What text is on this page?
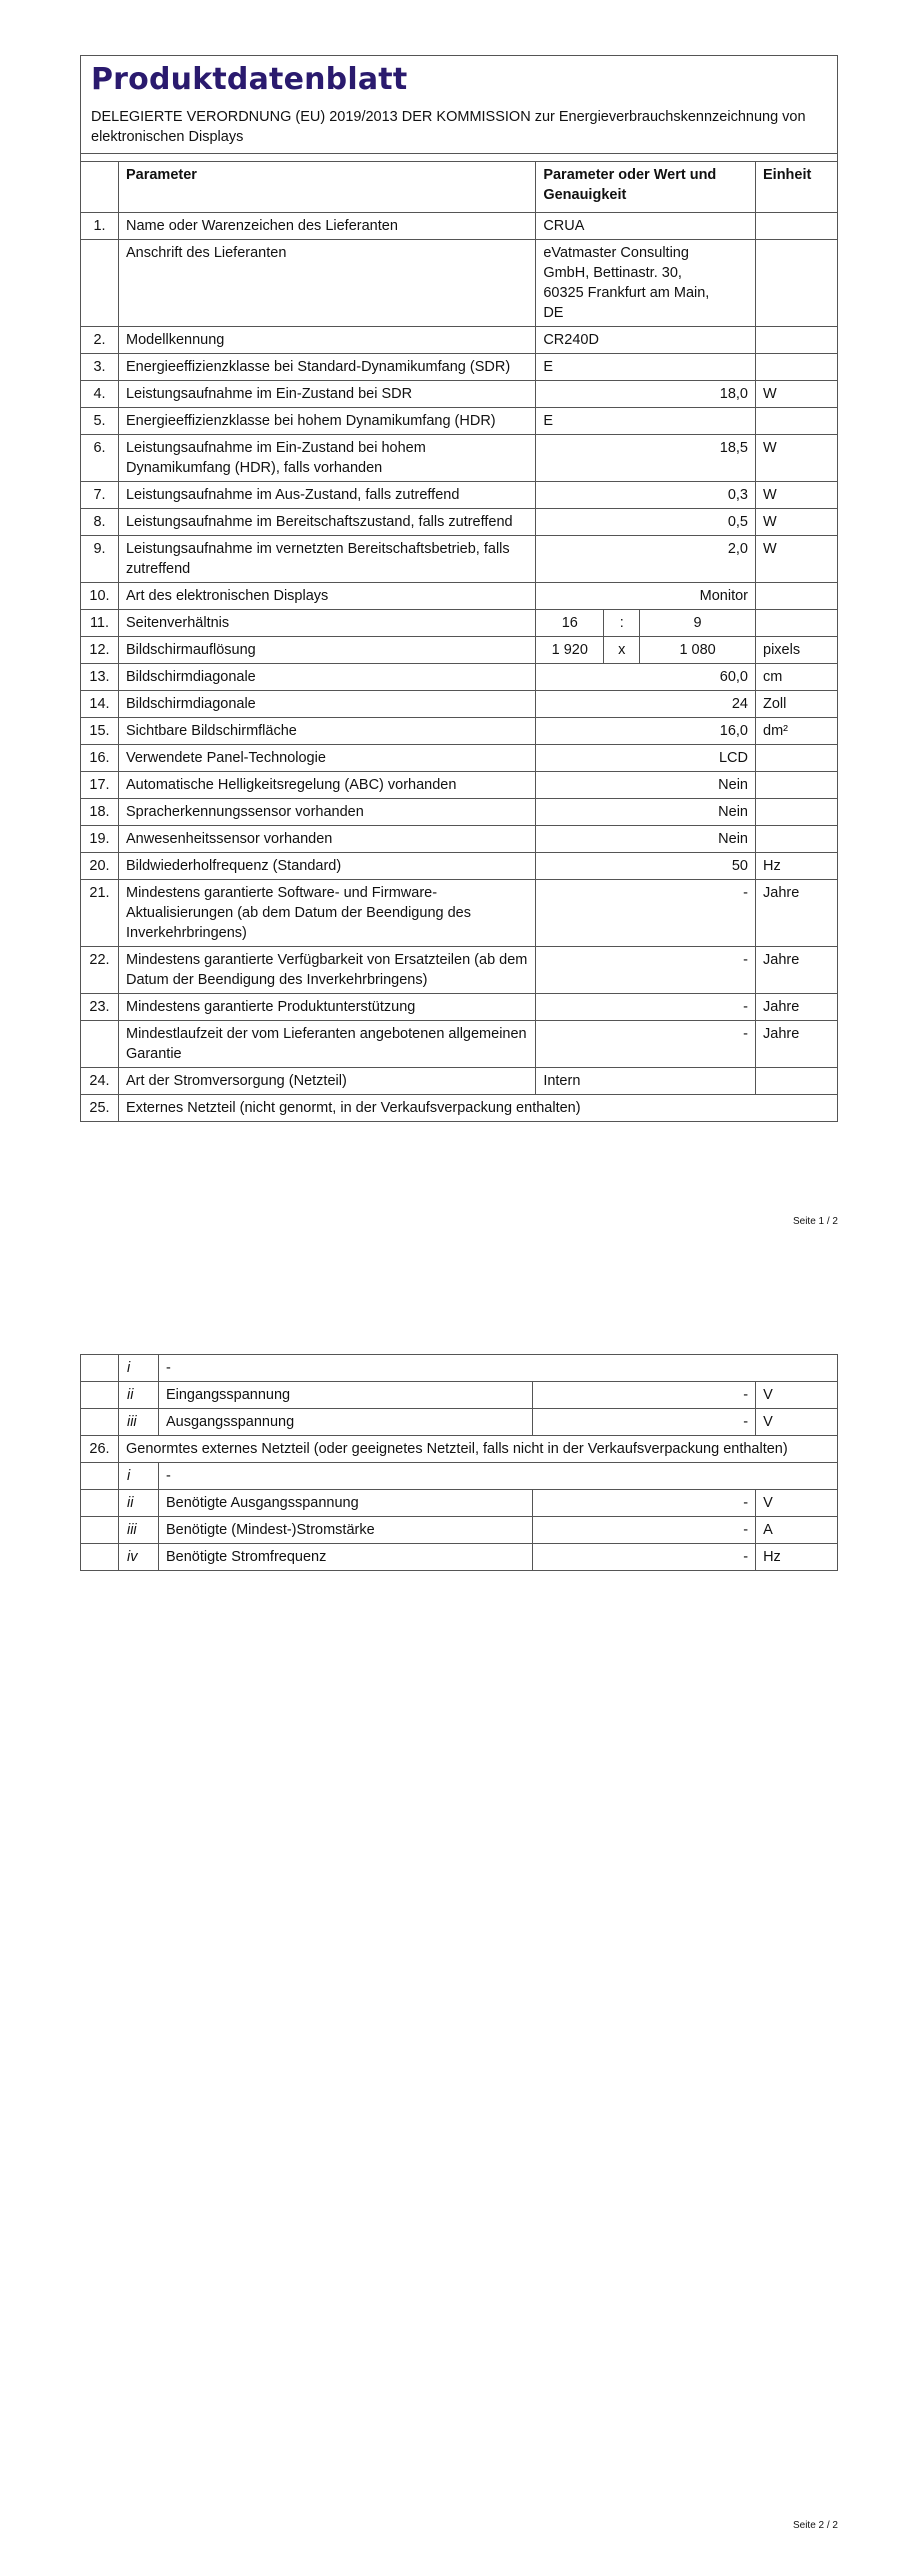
Produktdatenblatt
DELEGIERTE VERORDNUNG (EU) 2019/2013 DER KOMMISSION zur Energieverbrauchskennzeichnung von elektronischen Displays
	Parameter	Parameter oder Wert und Genauigkeit			Einheit
1.	Name oder Warenzeichen des Lieferanten	CRUA			
	Anschrift des Lieferanten	eVatmaster Consulting GmbH, Bettinastr. 30, 60325 Frankfurt am Main, DE			
2.	Modellkennung	CR240D			
3.	Energieeffizienzklasse bei Standard-Dynamikumfang (SDR)	E			
4.	Leistungsaufnahme im Ein-Zustand bei SDR	18,0			W
5.	Energieeffizienzklasse bei hohem Dynamikumfang (HDR)	E			
6.	Leistungsaufnahme im Ein-Zustand bei hohem Dynamikumfang (HDR), falls vorhanden	18,5			W
7.	Leistungsaufnahme im Aus-Zustand, falls zutreffend	0,3			W
8.	Leistungsaufnahme im Bereitschaftszustand, falls zutreffend	0,5			W
9.	Leistungsaufnahme im vernetzten Bereitschaftsbetrieb, falls zutreffend	2,0			W
10.	Art des elektronischen Displays	Monitor			
11.	Seitenverhältnis	16	:	9	
12.	Bildschirmauflösung	1 920	x	1 080	pixels
13.	Bildschirmdiagonale	60,0			cm
14.	Bildschirmdiagonale	24			Zoll
15.	Sichtbare Bildschirmfläche	16,0			dm²
16.	Verwendete Panel-Technologie	LCD			
17.	Automatische Helligkeitsregelung (ABC) vorhanden	Nein			
18.	Spracherkennungssensor vorhanden	Nein			
19.	Anwesenheitssensor vorhanden	Nein			
20.	Bildwiederholfrequenz (Standard)	50			Hz
21.	Mindestens garantierte Software- und Firmware-Aktualisierungen (ab dem Datum der Beendigung des Inverkehrbringens)	-			Jahre
22.	Mindestens garantierte Verfügbarkeit von Ersatzteilen (ab dem Datum der Beendigung des Inverkehrbringens)	-			Jahre
23.	Mindestens garantierte Produktunterstützung	-			Jahre
	Mindestlaufzeit der vom Lieferanten angebotenen allgemeinen Garantie	-			Jahre
24.	Art der Stromversorgung (Netzteil)	Intern			
25.	Externes Netzteil (nicht genormt, in der Verkaufsverpackung enthalten)				
Seite 1 / 2
	i	-		
	ii	Eingangsspannung	-	V
	iii	Ausgangsspannung	-	V
26.	Genormtes externes Netzteil (oder geeignetes Netzteil, falls nicht in der Verkaufsverpackung enthalten)			
	i	-		
	ii	Benötigte Ausgangsspannung	-	V
	iii	Benötigte (Mindest-)Stromstärke	-	A
	iv	Benötigte Stromfrequenz	-	Hz
Seite 2 / 2
